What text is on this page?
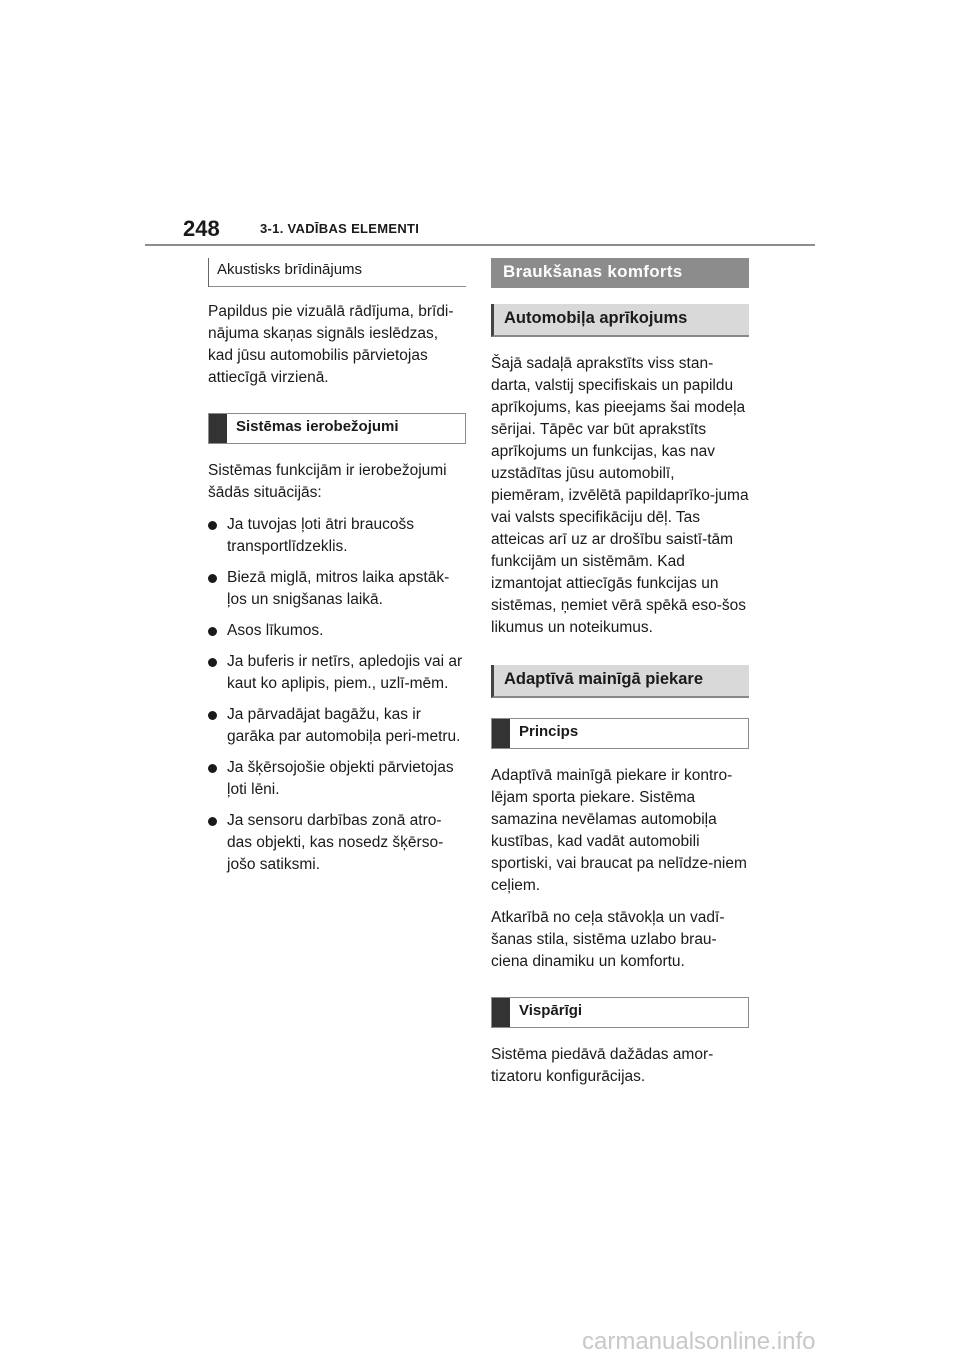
248	3-1. VADĪBAS ELEMENTI
Akustisks brīdinājums

Papildus pie vizuālā rādījuma, brīdi-nājuma skaņas signāls ieslēdzas, kad jūsu automobilis pārvietojas attiecīgā virzienā.

Sistēmas ierobežojumi

Sistēmas funkcijām ir ierobežojumi šādās situācijās:

Ja tuvojas ļoti ātri braucošs transportlīdzeklis.
Biezā miglā, mitros laika apstāk-ļos un snigšanas laikā.
Asos līkumos.
Ja buferis ir netīrs, apledojis vai ar kaut ko aplipis, piem., uzlī-mēm.
Ja pārvadājat bagāžu, kas ir garāka par automobiļa peri-metru.
Ja šķērsojošie objekti pārvietojas ļoti lēni.
Ja sensoru darbības zonā atro-das objekti, kas nosedz šķērso-jošo satiksmi.
Braukšanas komforts
Automobiļa aprīkojums

Šajā sadaļā aprakstīts viss stan-darta, valstij specifiskais un papildu aprīkojums, kas pieejams šai modeļa sērijai. Tāpēc var būt aprakstīts aprīkojums un funkcijas, kas nav uzstādītas jūsu automobilī, piemēram, izvēlētā papildaprīko-juma vai valsts specifikāciju dēļ. Tas atteicas arī uz ar drošību saistī-tām funkcijām un sistēmām. Kad izmantojat attiecīgās funkcijas un sistēmas, ņemiet vērā spēkā eso-šos likumus un noteikumus.

Adaptīvā mainīgā piekare
Princips

Adaptīvā mainīgā piekare ir kontro-lējam sporta piekare. Sistēma samazina nevēlamas automobiļa kustības, kad vadāt automobili sportiski, vai braucat pa nelīdze-niem ceļiem.

Atkarībā no ceļa stāvokļa un vadī-šanas stila, sistēma uzlabo brau-ciena dinamiku un komfortu.

Vispārīgi

Sistēma piedāvā dažādas amor-tizatoru konfigurācijas.

carmanualsonline.info
